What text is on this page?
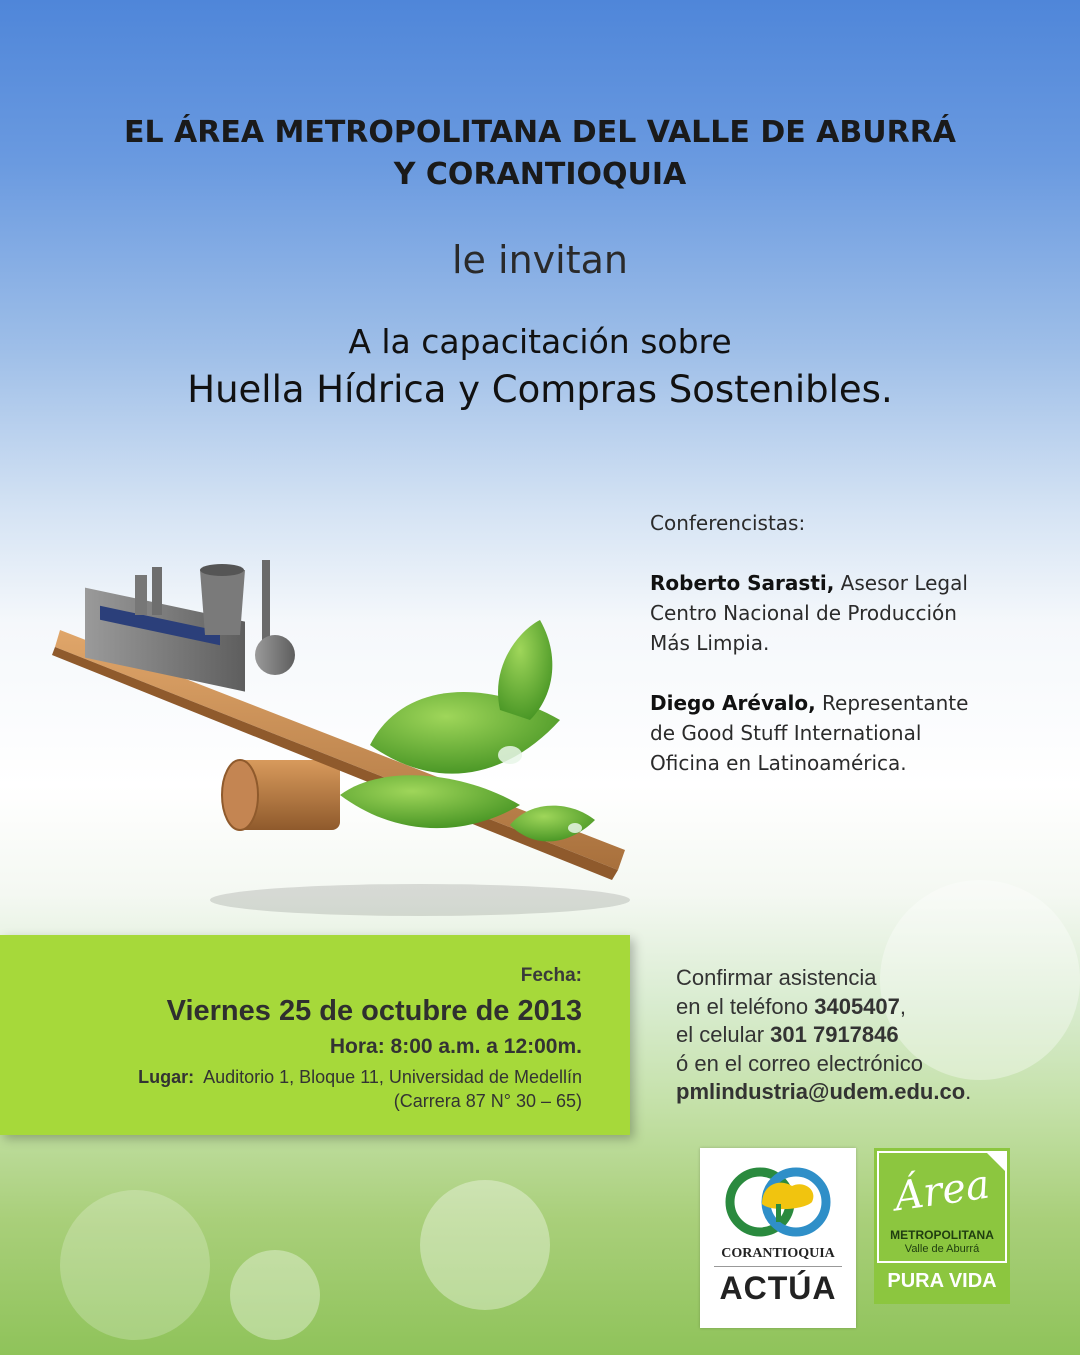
EL ÁREA METROPOLITANA DEL VALLE DE ABURRÁ
Y CORANTIOQUIA
le invitan
A la capacitación sobre
Huella Hídrica y Compras Sostenibles.

Conferencistas:

Roberto Sarasti, Asesor Legal

Centro Nacional de Producción

Más Limpia.

Diego Arévalo, Representante

de Good Stuff International

Oficina en Latinoamérica.

Fecha:
Viernes 25 de octubre de 2013
Hora: 8:00 a.m. a 12:00m.
Lugar: Auditorio 1, Bloque 11, Universidad de Medellín
(Carrera 87 N° 30 – 65)
Confirmar asistencia
en el teléfono 3405407,
el celular 301 7917846
ó en el correo electrónico
pmlindustria@udem.edu.co.
CORANTIOQUIA
ACTÚA
Área
METROPOLITANA
Valle de Aburrá
PURA VIDA
